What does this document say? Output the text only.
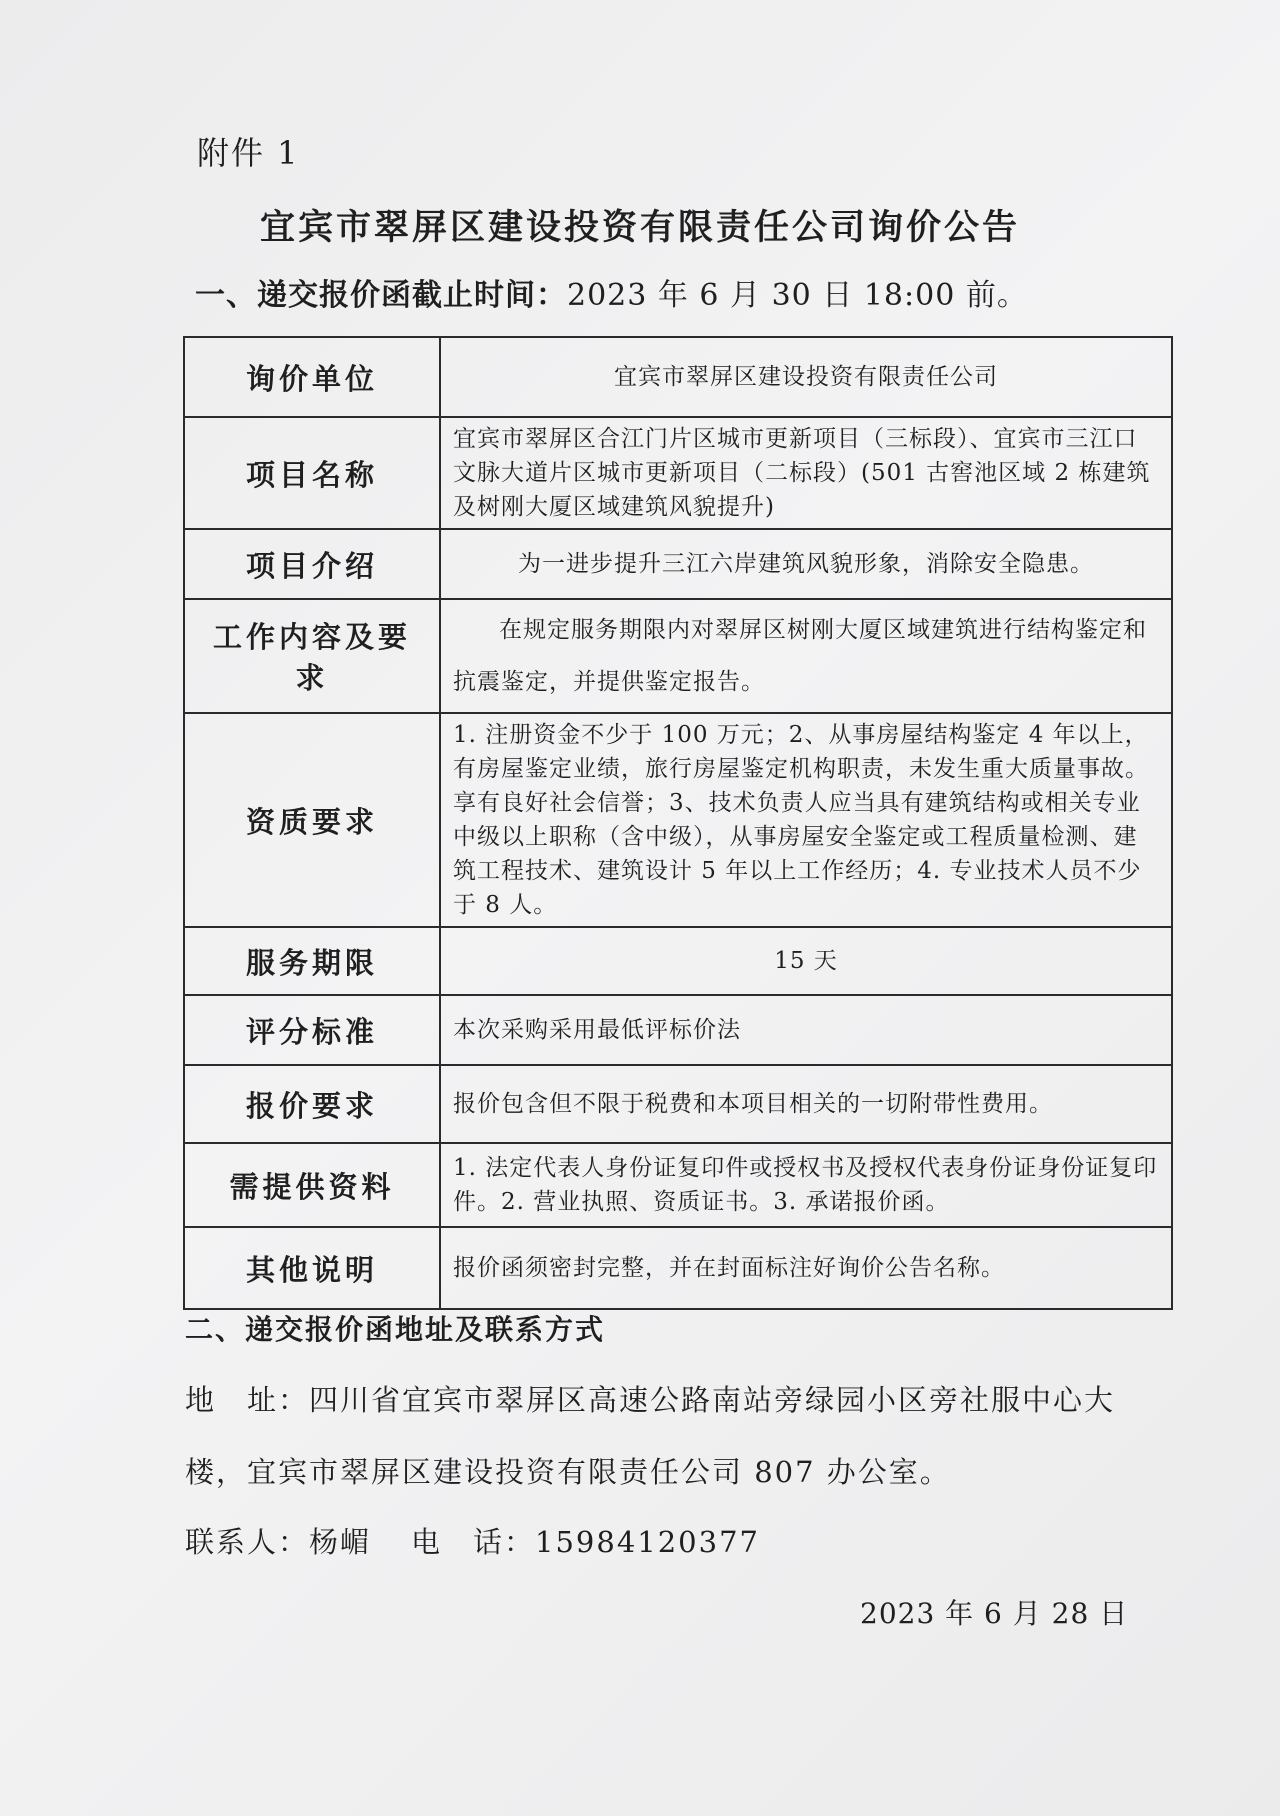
附件 1
宜宾市翠屏区建设投资有限责任公司询价公告
一、递交报价函截止时间：2023 年 6 月 30 日 18:00 前。
询价单位	宜宾市翠屏区建设投资有限责任公司
项目名称	宜宾市翠屏区合江门片区城市更新项目（三标段）、宜宾市三江口文脉大道片区城市更新项目（二标段）(501 古窖池区域 2 栋建筑及树刚大厦区域建筑风貌提升)
项目介绍	为一进步提升三江六岸建筑风貌形象，消除安全隐患。
工作内容及要求	在规定服务期限内对翠屏区树刚大厦区域建筑进行结构鉴定和抗震鉴定，并提供鉴定报告。
资质要求	1. 注册资金不少于 100 万元；2、从事房屋结构鉴定 4 年以上，有房屋鉴定业绩，旅行房屋鉴定机构职责，未发生重大质量事故。享有良好社会信誉；3、技术负责人应当具有建筑结构或相关专业中级以上职称（含中级），从事房屋安全鉴定或工程质量检测、建筑工程技术、建筑设计 5 年以上工作经历；4. 专业技术人员不少于 8 人。
服务期限	15 天
评分标准	本次采购采用最低评标价法
报价要求	报价包含但不限于税费和本项目相关的一切附带性费用。
需提供资料	1. 法定代表人身份证复印件或授权书及授权代表身份证身份证复印件。2. 营业执照、资质证书。3. 承诺报价函。
其他说明	报价函须密封完整，并在封面标注好询价公告名称。
二、递交报价函地址及联系方式
地　址：四川省宜宾市翠屏区高速公路南站旁绿园小区旁社服中心大
楼，宜宾市翠屏区建设投资有限责任公司 807 办公室。
联系人：杨嵋 电　话：15984120377
2023 年 6 月 28 日
